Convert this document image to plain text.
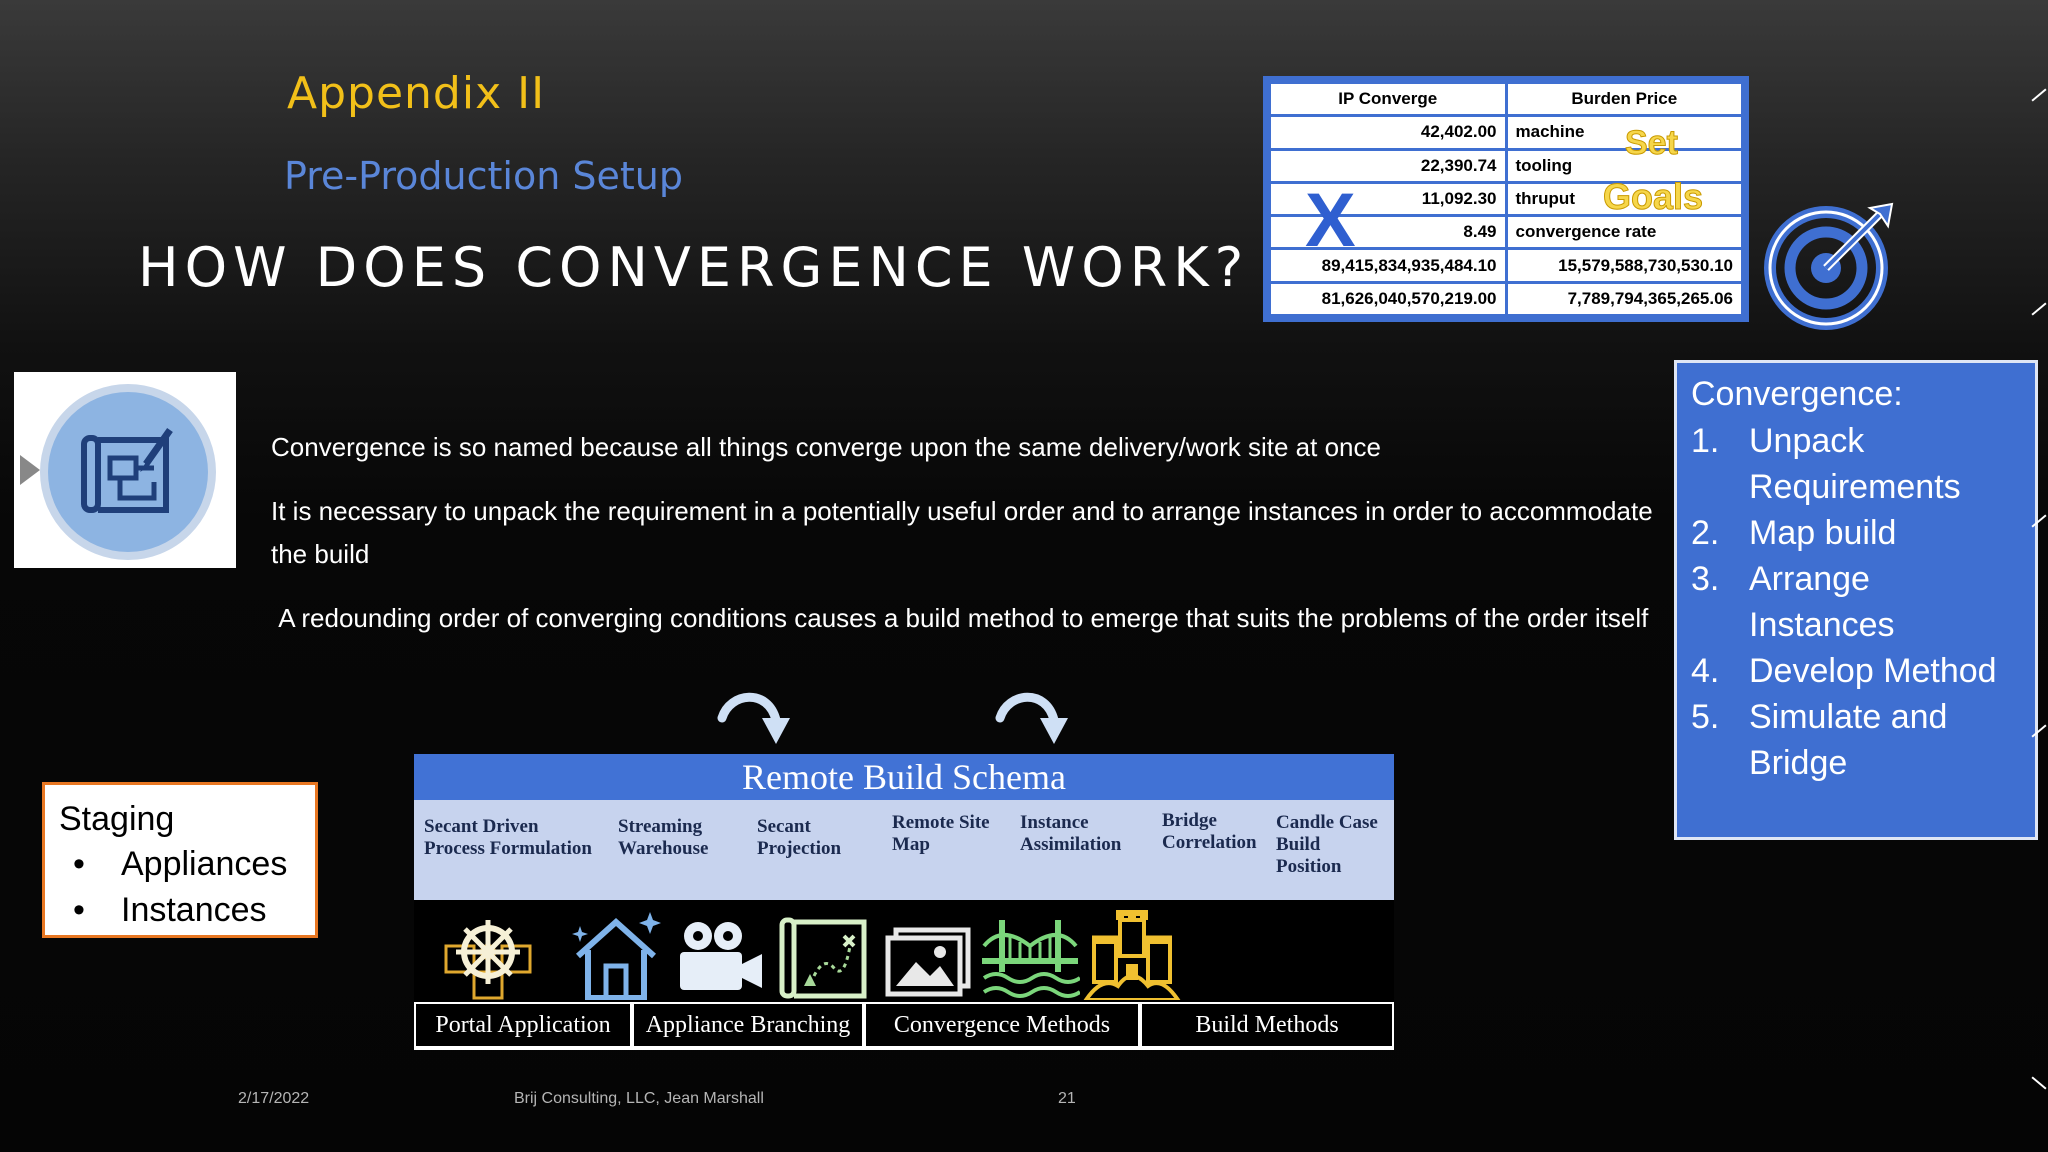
Appendix II
Pre-Production Setup
HOW DOES CONVERGENCE WORK?
IP Converge	Burden Price
42,402.00	machine
22,390.74	tooling
11,092.30	thruput
8.49	convergence rate
89,415,834,935,484.10	15,579,588,730,530.10
81,626,040,570,219.00	7,789,794,365,265.06
X
Set
Goals
Convergence:
1. Unpack
Requirements
2. Map build
3. Arrange
Instances
4. Develop Method
5. Simulate and
Bridge
Convergence is so named because all things converge upon the same delivery/work site at once
It is necessary to unpack the requirement in a potentially useful order and to arrange instances in order to accommodate the build
A redounding order of converging conditions causes a build method to emerge that suits the problems of the order itself
Staging
•	Appliances
•	Instances
Remote Build Schema
Secant Driven Process Formulation
Streaming Warehouse
Secant Projection
Remote Site Map
Instance Assimilation
Bridge Correlation
Candle Case Build Position
Portal Application	Appliance Branching	Convergence Methods	Build Methods
2/17/2022	Brij Consulting, LLC, Jean Marshall	21
